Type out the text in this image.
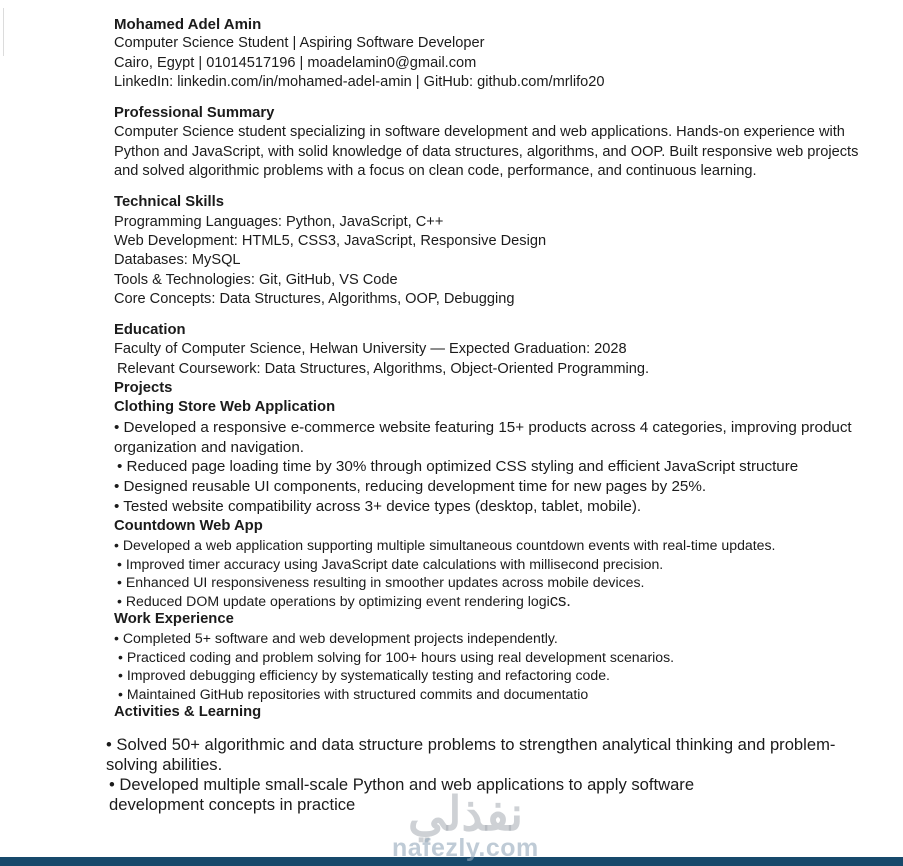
Mohamed Adel Amin
Computer Science Student | Aspiring Software Developer
Cairo, Egypt | 01014517196 | moadelamin0@gmail.com
LinkedIn: linkedin.com/in/mohamed-adel-amin | GitHub: github.com/mrlifo20
Professional Summary
Computer Science student specializing in software development and web applications. Hands-on experience with Python and JavaScript, with solid knowledge of data structures, algorithms, and OOP. Built responsive web projects and solved algorithmic problems with a focus on clean code, performance, and continuous learning.
Technical Skills
Programming Languages: Python, JavaScript, C++
Web Development: HTML5, CSS3, JavaScript, Responsive Design
Databases: MySQL
Tools & Technologies: Git, GitHub, VS Code
Core Concepts: Data Structures, Algorithms, OOP, Debugging
Education
Faculty of Computer Science, Helwan University — Expected Graduation: 2028
Relevant Coursework: Data Structures, Algorithms, Object-Oriented Programming.
Projects
Clothing Store Web Application
• Developed a responsive e-commerce website featuring 15+ products across 4 categories, improving product organization and navigation.
• Reduced page loading time by 30% through optimized CSS styling and efficient JavaScript structure
• Designed reusable UI components, reducing development time for new pages by 25%.
• Tested website compatibility across 3+ device types (desktop, tablet, mobile).
Countdown Web App
• Developed a web application supporting multiple simultaneous countdown events with real-time updates.
• Improved timer accuracy using JavaScript date calculations with millisecond precision.
• Enhanced UI responsiveness resulting in smoother updates across mobile devices.
• Reduced DOM update operations by optimizing event rendering logics.
Work Experience
• Completed 5+ software and web development projects independently.
• Practiced coding and problem solving for 100+ hours using real development scenarios.
• Improved debugging efficiency by systematically testing and refactoring code.
• Maintained GitHub repositories with structured commits and documentatio
Activities & Learning
• Solved 50+ algorithmic and data structure problems to strengthen analytical thinking and problem-solving abilities.
• Developed multiple small-scale Python and web applications to apply software
development concepts in practice	نفذلي
nafezly.com
